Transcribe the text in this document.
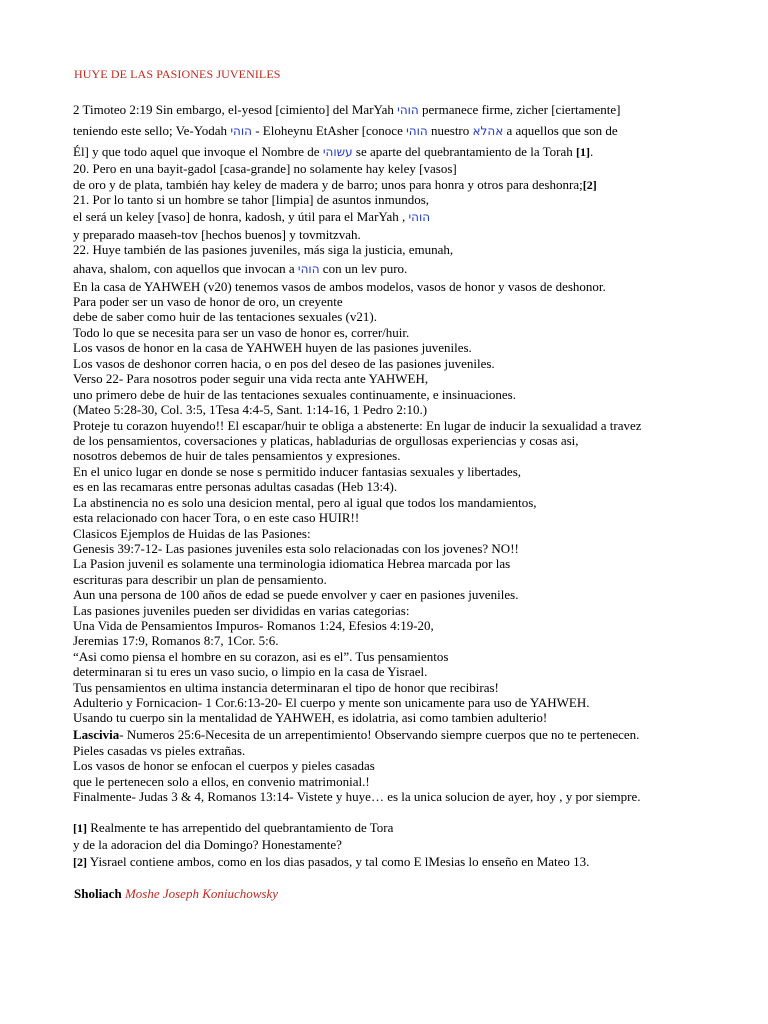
HUYE DE LAS PASIONES JUVENILES
2 Timoteo 2:19 Sin embargo, el-yesod [cimiento] del MarYah הוהי permanece firme, zicher [ciertamente]
teniendo este sello; Ve-Yodah הוהי - Eloheynu EtAsher [conoce הוהי nuestro אהלא a aquellos que son de
Él] y que todo aquel que invoque el Nombre de עשוהי se aparte del quebrantamiento de la Torah [1].
20. Pero en una bayit-gadol [casa-grande] no solamente hay keley [vasos]
de oro y de plata, también hay keley de madera y de barro; unos para honra y otros para deshonra;[2]
21. Por lo tanto si un hombre se tahor [limpia] de asuntos inmundos,
el será un keley [vaso] de honra, kadosh, y útil para el MarYah , הוהי
y preparado maaseh-tov [hechos buenos] y tovmitzvah.
22. Huye también de las pasiones juveniles, más siga la justicia, emunah,
ahava, shalom, con aquellos que invocan a הוהי con un lev puro.
En la casa de YAHWEH (v20) tenemos vasos de ambos modelos, vasos de honor y vasos de deshonor.
Para poder ser un vaso de honor de oro, un creyente
debe de saber como huir de las tentaciones sexuales (v21).
Todo lo que se necesita para ser un vaso de honor es, correr/huir.
Los vasos de honor en la casa de YAHWEH huyen de las pasiones juveniles.
Los vasos de deshonor corren hacia, o en pos del deseo de las pasiones juveniles.
Verso 22- Para nosotros poder seguir una vida recta ante YAHWEH,
uno primero debe de huir de las tentaciones sexuales continuamente, e insinuaciones.
(Mateo 5:28-30, Col. 3:5, 1Tesa 4:4-5, Sant. 1:14-16, 1 Pedro 2:10.)
Proteje tu corazon huyendo!! El escapar/huir te obliga a abstenerte: En lugar de inducir la sexualidad a travez
de los pensamientos, coversaciones y platicas, habladurias de orgullosas experiencias y cosas asi,
nosotros debemos de huir de tales pensamientos y expresiones.
En el unico lugar en donde se nose s permitido inducer fantasias sexuales y libertades,
es en las recamaras entre personas adultas casadas (Heb 13:4).
La abstinencia no es solo una desicion mental, pero al igual que todos los mandamientos,
esta relacionado con hacer Tora, o en este caso HUIR!!
Clasicos Ejemplos de Huidas de las Pasiones:
Genesis 39:7-12- Las pasiones juveniles esta solo relacionadas con los jovenes? NO!!
La Pasion juvenil es solamente una terminologia idiomatica Hebrea marcada por las
escrituras para describir un plan de pensamiento.
Aun una persona de 100 años de edad se puede envolver y caer en pasiones juveniles.
Las pasiones juveniles pueden ser divididas en varias categorias:
Una Vida de Pensamientos Impuros- Romanos 1:24, Efesios 4:19-20,
Jeremias 17:9, Romanos 8:7, 1Cor. 5:6.
“Asi como piensa el hombre en su corazon, asi es el”. Tus pensamientos
determinaran si tu eres un vaso sucio, o limpio en la casa de Yisrael.
Tus pensamientos en ultima instancia determinaran el tipo de honor que recibiras!
Adulterio y Fornicacion- 1 Cor.6:13-20- El cuerpo y mente son unicamente para uso de YAHWEH.
Usando tu cuerpo sin la mentalidad de YAHWEH, es idolatria, asi como tambien adulterio!
Lascivia- Numeros 25:6-Necesita de un arrepentimiento! Observando siempre cuerpos que no te pertenecen.
Pieles casadas vs pieles extrañas.
Los vasos de honor se enfocan el cuerpos y pieles casadas
que le pertenecen solo a ellos, en convenio matrimonial.!
Finalmente- Judas 3 & 4, Romanos 13:14- Vistete y huye… es la unica solucion de ayer, hoy , y por siempre.
[1] Realmente te has arrepentido del quebrantamiento de Tora
y de la adoracion del dia Domingo? Honestamente?
[2] Yisrael contiene ambos, como en los dias pasados, y tal como E lMesias lo enseño en Mateo 13.
Sholiach Moshe Joseph Koniuchowsky
